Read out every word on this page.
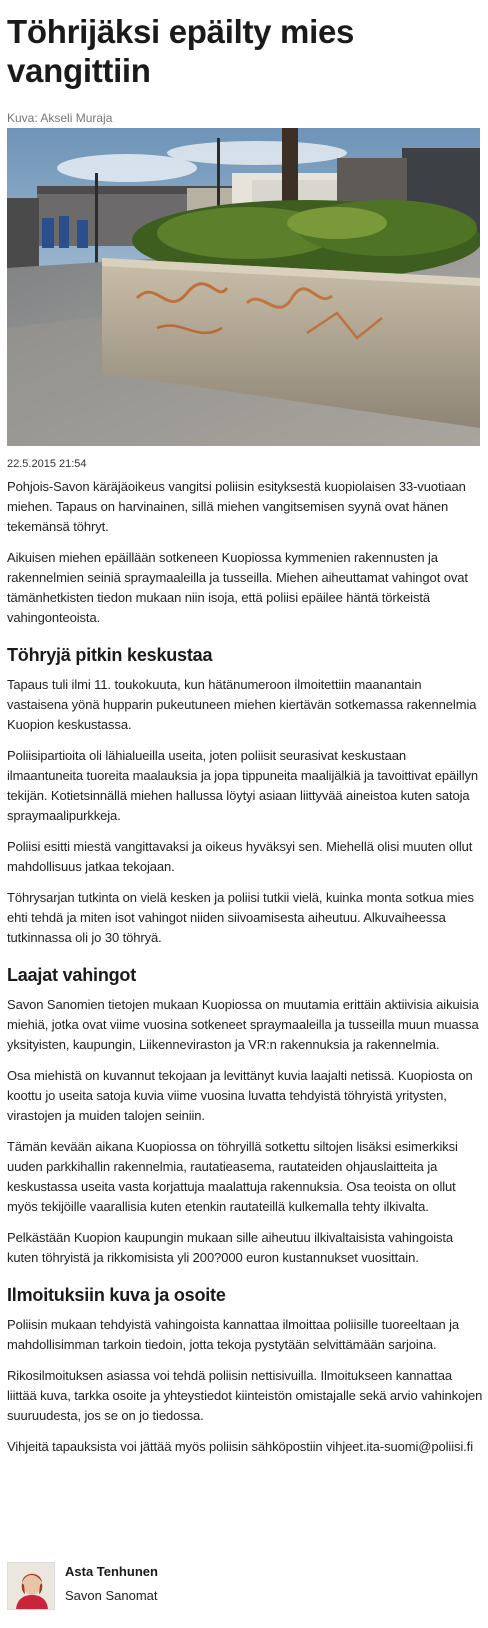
Töhrijäksi epäilty mies vangittiin
Kuva: Akseli Muraja
22.5.2015 21:54

Pohjois-Savon käräjäoikeus vangitsi poliisin esityksestä kuopiolaisen 33-vuotiaan miehen. Tapaus on harvinainen, sillä miehen vangitsemisen syynä ovat hänen tekemänsä töhryt.

Aikuisen miehen epäillään sotkeneen Kuopiossa kymmenien rakennusten ja rakennelmien seiniä spraymaaleilla ja tusseilla. Miehen aiheuttamat vahingot ovat tämänhetkisten tiedon mukaan niin isoja, että poliisi epäilee häntä törkeistä vahingonteoista.

Töhryjä pitkin keskustaa

Tapaus tuli ilmi 11. toukokuuta, kun hätänumeroon ilmoitettiin maanantain vastaisena yönä hupparin pukeutuneen miehen kiertävän sotkemassa rakennelmia Kuopion keskustassa.

Poliisipartioita oli lähialueilla useita, joten poliisit seurasivat keskustaan ilmaantuneita tuoreita maalauksia ja jopa tippuneita maalijälkiä ja tavoittivat epäillyn tekijän. Kotietsinnällä miehen hallussa löytyi asiaan liittyvää aineistoa kuten satoja spraymaalipurkkeja.

Poliisi esitti miestä vangittavaksi ja oikeus hyväksyi sen. Miehellä olisi muuten ollut mahdollisuus jatkaa tekojaan.

Töhrysarjan tutkinta on vielä kesken ja poliisi tutkii vielä, kuinka monta sotkua mies ehti tehdä ja miten isot vahingot niiden siivoamisesta aiheutuu. Alkuvaiheessa tutkinnassa oli jo 30 töhryä.

Laajat vahingot

Savon Sanomien tietojen mukaan Kuopiossa on muutamia erittäin aktiivisia aikuisia miehiä, jotka ovat viime vuosina sotkeneet spraymaaleilla ja tusseilla muun muassa yksityisten, kaupungin, Liikenneviraston ja VR:n rakennuksia ja rakennelmia.

Osa miehistä on kuvannut tekojaan ja levittänyt kuvia laajalti netissä. Kuopiosta on koottu jo useita satoja kuvia viime vuosina luvatta tehdyistä töhryistä yritysten, virastojen ja muiden talojen seiniin.

Tämän kevään aikana Kuopiossa on töhryillä sotkettu siltojen lisäksi esimerkiksi uuden parkkihallin rakennelmia, rautatieasema, rautateiden ohjauslaitteita ja keskustassa useita vasta korjattuja maalattuja rakennuksia. Osa teoista on ollut myös tekijöille vaarallisia kuten etenkin rautateillä kulkemalla tehty ilkivalta.

Pelkästään Kuopion kaupungin mukaan sille aiheutuu ilkivaltaisista vahingoista kuten töhryistä ja rikkomisista yli 200?000 euron kustannukset vuosittain.

Ilmoituksiin kuva ja osoite

Poliisin mukaan tehdyistä vahingoista kannattaa ilmoittaa poliisille tuoreeltaan ja mahdollisimman tarkoin tiedoin, jotta tekoja pystytään selvittämään sarjoina.

Rikosilmoituksen asiassa voi tehdä poliisin nettisivuilla. Ilmoitukseen kannattaa liittää kuva, tarkka osoite ja yhteystiedot kiinteistön omistajalle sekä arvio vahinkojen suuruudesta, jos se on jo tiedossa.

Vihjeitä tapauksista voi jättää myös poliisin sähköpostiin vihjeet.ita-suomi@poliisi.fi

Asta Tenhunen
Savon Sanomat
